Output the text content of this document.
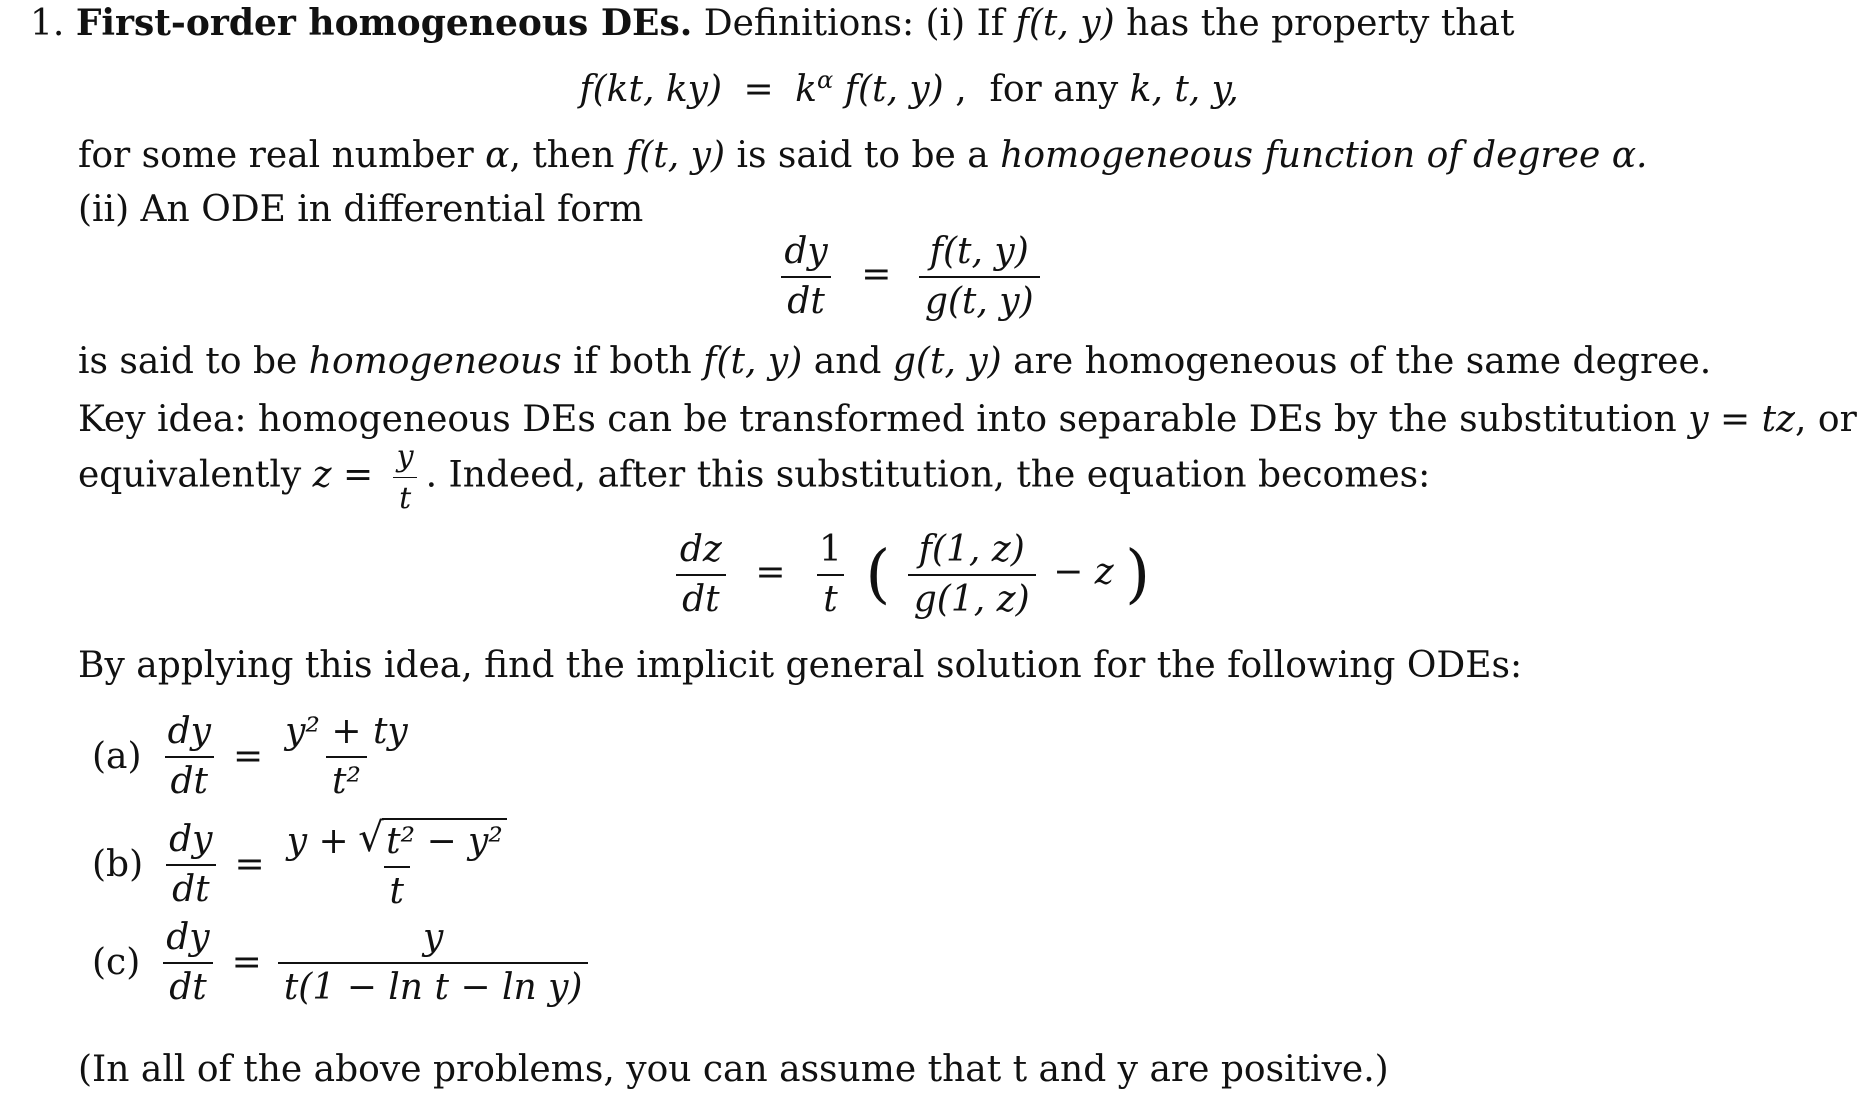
1. First-order homogeneous DEs. Definitions: (i) If f(t, y) has the property that
f(kt, $ky) = k^\alpha$ f(t, y) , for any k, t, y,
for some real number α, then f(t, y) is said to be a homogeneous function of degree α.
(ii) An ODE in differential form
$\frac{dy}{dt} = \frac{f(t, y)}{g(t, y)}$
is said to be homogeneous if both f(t, y) and g(t, y) are homogeneous of the same degree.
Key idea: homogeneous DEs can be transformed into separable DEs by the substitution y = tz, or
equivalently $z = \frac{y}{t}$ . Indeed, after this substitution, the equation becomes:
$\frac{dz}{dt} = \frac{1}{t}$ ( $\frac{f(1, z)}{g(1, z)} - z$ )
By applying this idea, find the implicit general solution for the following ODEs:
$(a) \frac{dy}{dt} = \frac{\text{y² + ty}}{\text{t²}}$
$(b) \frac{dy}{dt} = \frac{\text{y + √ t² − y²}}{t}$
$(c) \frac{dy}{dt} = \frac{y}{\text{t(1 − ln t − ln y)}}$
(In all of the above problems, you can assume that t and y are positive.)
